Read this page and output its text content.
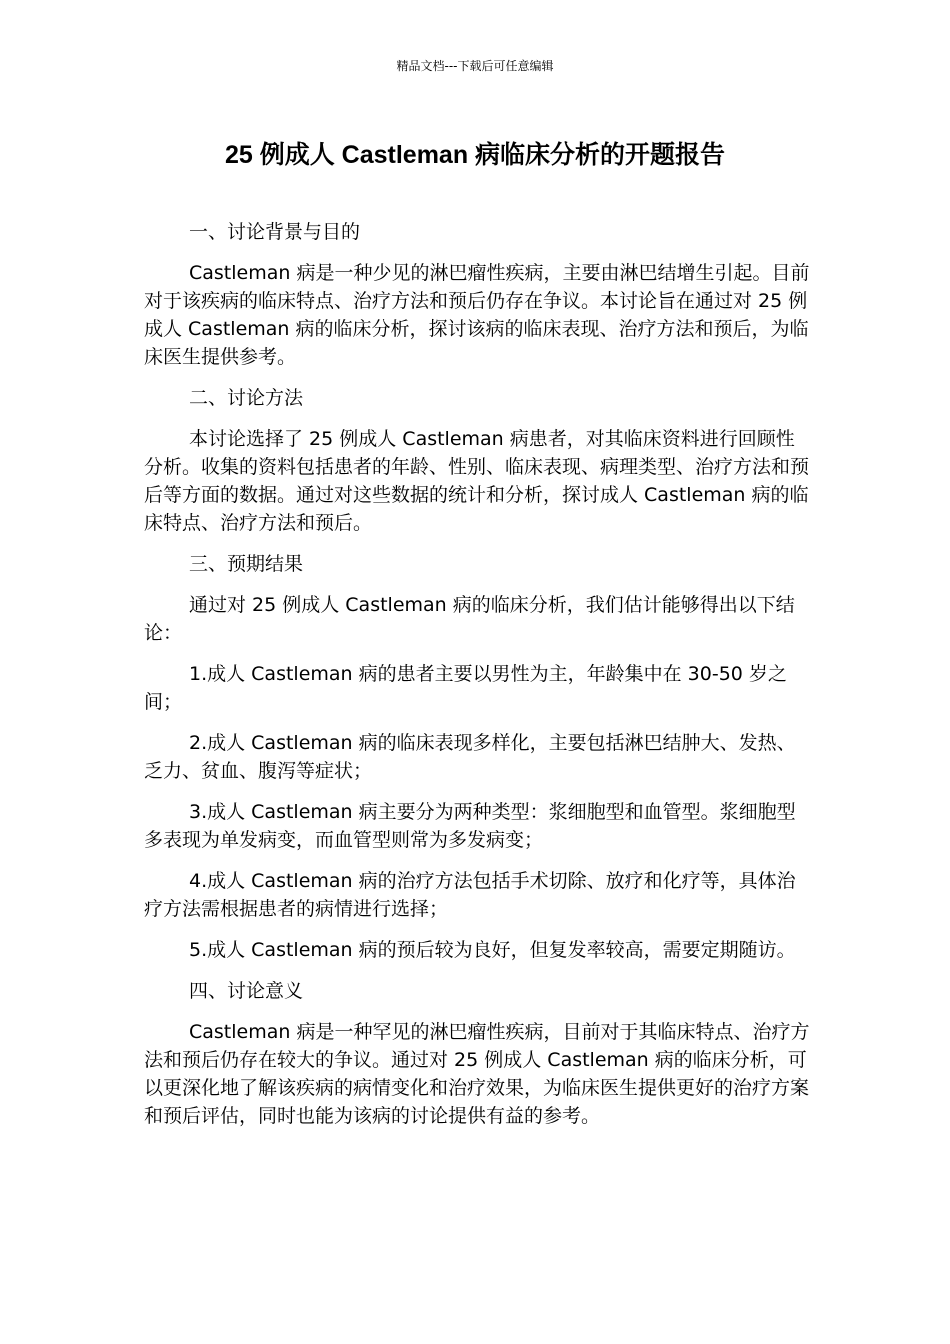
精品文档---下载后可任意编辑
25 例成人 Castleman 病临床分析的开题报告

一、讨论背景与目的

Castleman 病是一种少见的淋巴瘤性疾病，主要由淋巴结增生引起。目前对于该疾病的临床特点、治疗方法和预后仍存在争议。本讨论旨在通过对 25 例成人 Castleman 病的临床分析，探讨该病的临床表现、治疗方法和预后，为临床医生提供参考。

二、讨论方法

本讨论选择了 25 例成人 Castleman 病患者，对其临床资料进行回顾性分析。收集的资料包括患者的年龄、性别、临床表现、病理类型、治疗方法和预后等方面的数据。通过对这些数据的统计和分析，探讨成人 Castleman 病的临床特点、治疗方法和预后。

三、预期结果

通过对 25 例成人 Castleman 病的临床分析，我们估计能够得出以下结论：

1.成人 Castleman 病的患者主要以男性为主，年龄集中在 30-50 岁之间；

2.成人 Castleman 病的临床表现多样化，主要包括淋巴结肿大、发热、乏力、贫血、腹泻等症状；

3.成人 Castleman 病主要分为两种类型：浆细胞型和血管型。浆细胞型多表现为单发病变，而血管型则常为多发病变；

4.成人 Castleman 病的治疗方法包括手术切除、放疗和化疗等，具体治疗方法需根据患者的病情进行选择；

5.成人 Castleman 病的预后较为良好，但复发率较高，需要定期随访。

四、讨论意义

Castleman 病是一种罕见的淋巴瘤性疾病，目前对于其临床特点、治疗方法和预后仍存在较大的争议。通过对 25 例成人 Castleman 病的临床分析，可以更深化地了解该疾病的病情变化和治疗效果，为临床医生提供更好的治疗方案和预后评估，同时也能为该病的讨论提供有益的参考。
